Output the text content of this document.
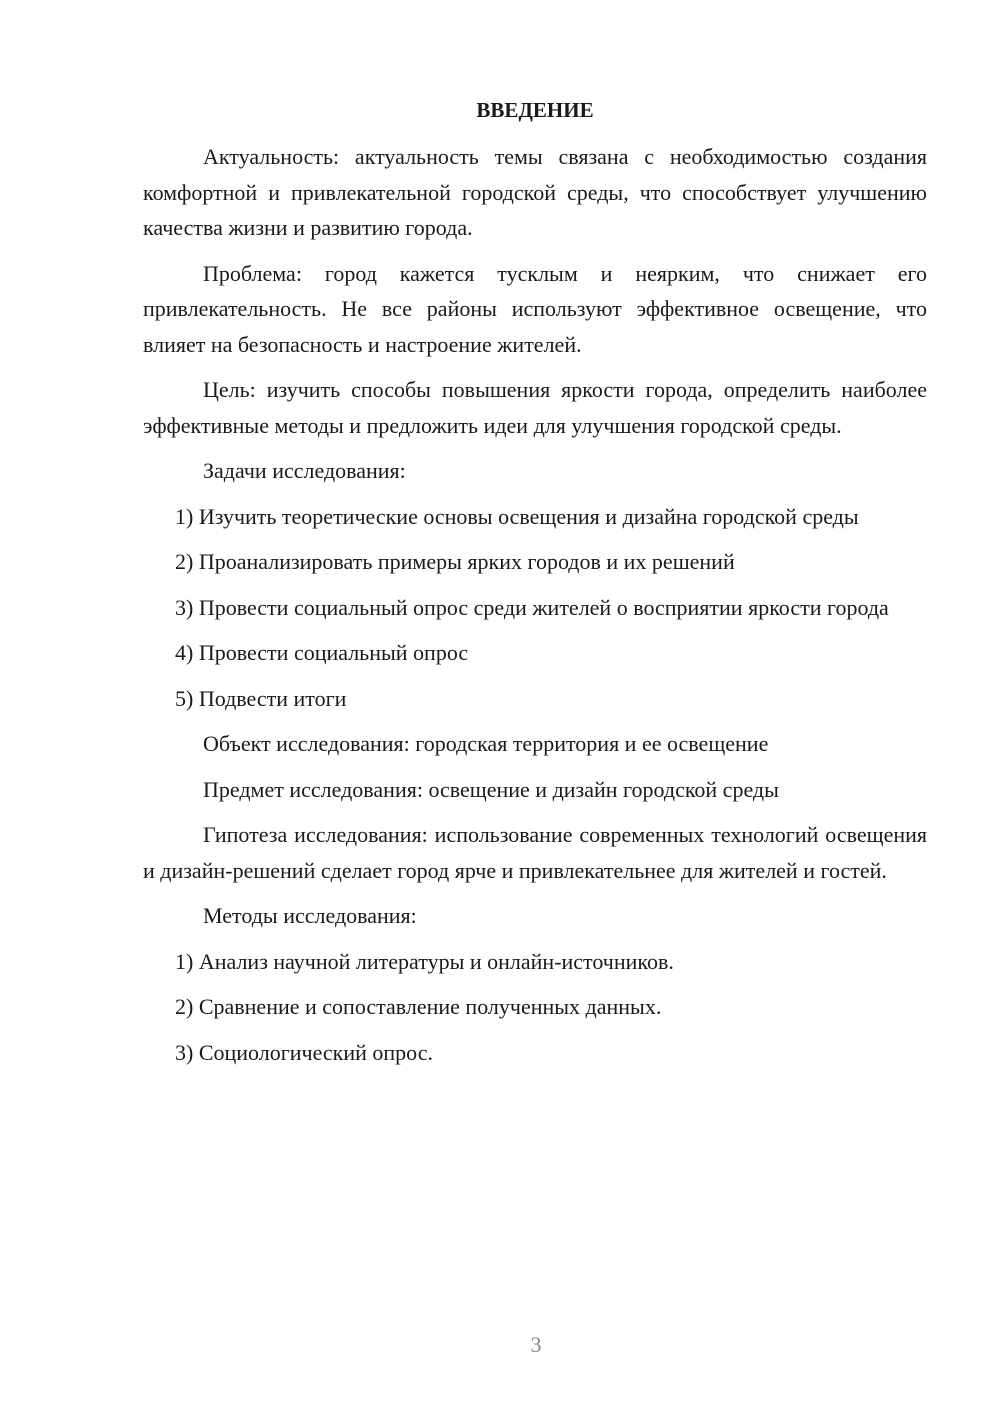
ВВЕДЕНИЕ
Актуальность: актуальность темы связана с необходимостью создания комфортной и привлекательной городской среды, что способствует улучшению качества жизни и развитию города.
Проблема: город кажется тусклым и неярким, что снижает его привлекательность. Не все районы используют эффективное освещение, что влияет на безопасность и настроение жителей.
Цель: изучить способы повышения яркости города, определить наиболее эффективные методы и предложить идеи для улучшения городской среды.
Задачи исследования:
1) Изучить теоретические основы освещения и дизайна городской среды
2) Проанализировать примеры ярких городов и их решений
3) Провести социальный опрос среди жителей о восприятии яркости города
4) Провести социальный опрос
5) Подвести итоги
Объект исследования: городская территория и ее освещение
Предмет исследования: освещение и дизайн городской среды
Гипотеза исследования: использование современных технологий освещения и дизайн-решений сделает город ярче и привлекательнее для жителей и гостей.
Методы исследования:
1) Анализ научной литературы и онлайн-источников.
2) Сравнение и сопоставление полученных данных.
3) Социологический опрос.
3
